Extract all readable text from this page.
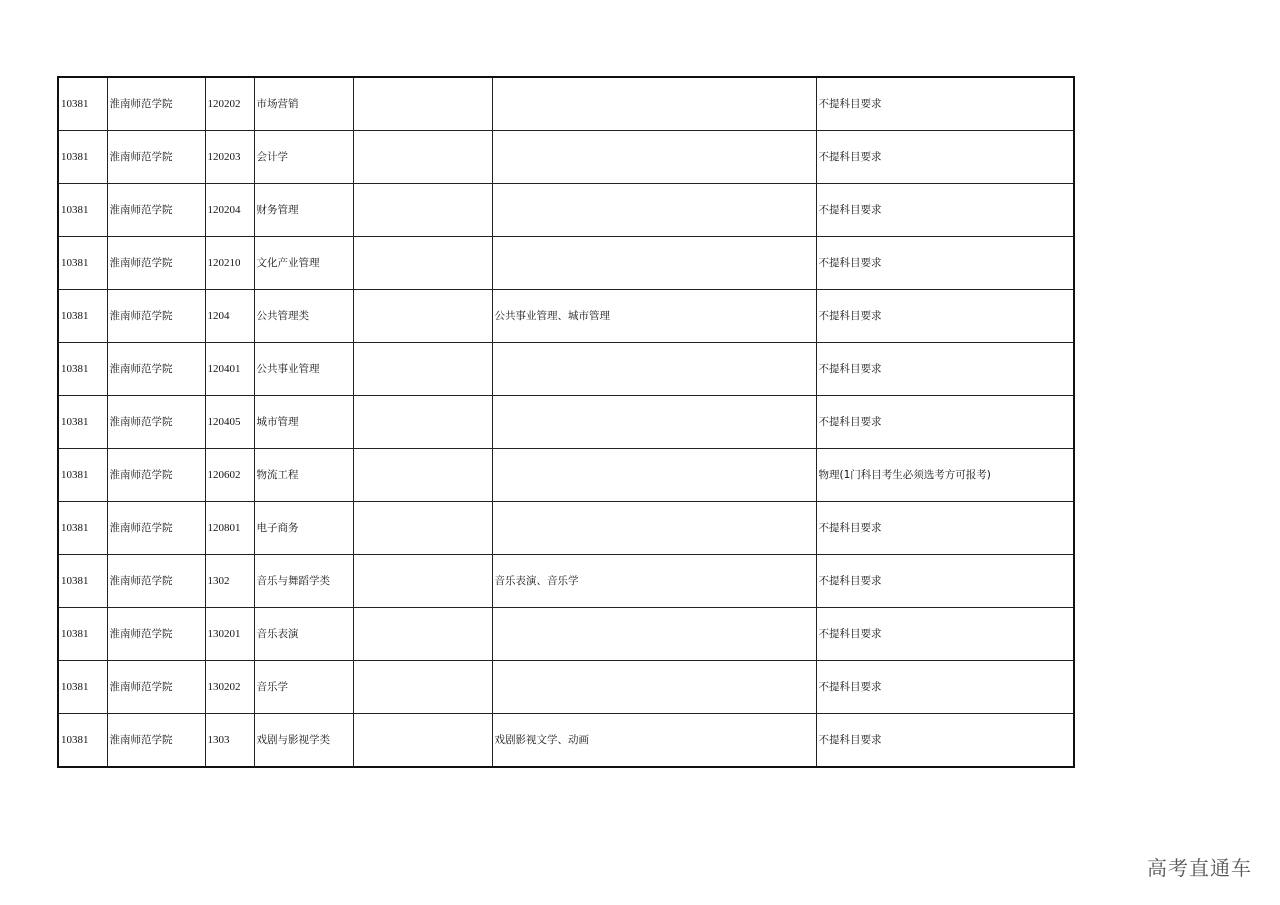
10381	淮南师范学院	120202	市场营销			不提科目要求
10381	淮南师范学院	120203	会计学			不提科目要求
10381	淮南师范学院	120204	财务管理			不提科目要求
10381	淮南师范学院	120210	文化产业管理			不提科目要求
10381	淮南师范学院	1204	公共管理类		公共事业管理、城市管理	不提科目要求
10381	淮南师范学院	120401	公共事业管理			不提科目要求
10381	淮南师范学院	120405	城市管理			不提科目要求
10381	淮南师范学院	120602	物流工程			物理(1门科目考生必须选考方可报考)
10381	淮南师范学院	120801	电子商务			不提科目要求
10381	淮南师范学院	1302	音乐与舞蹈学类		音乐表演、音乐学	不提科目要求
10381	淮南师范学院	130201	音乐表演			不提科目要求
10381	淮南师范学院	130202	音乐学			不提科目要求
10381	淮南师范学院	1303	戏剧与影视学类		戏剧影视文学、动画	不提科目要求
高考直通车
